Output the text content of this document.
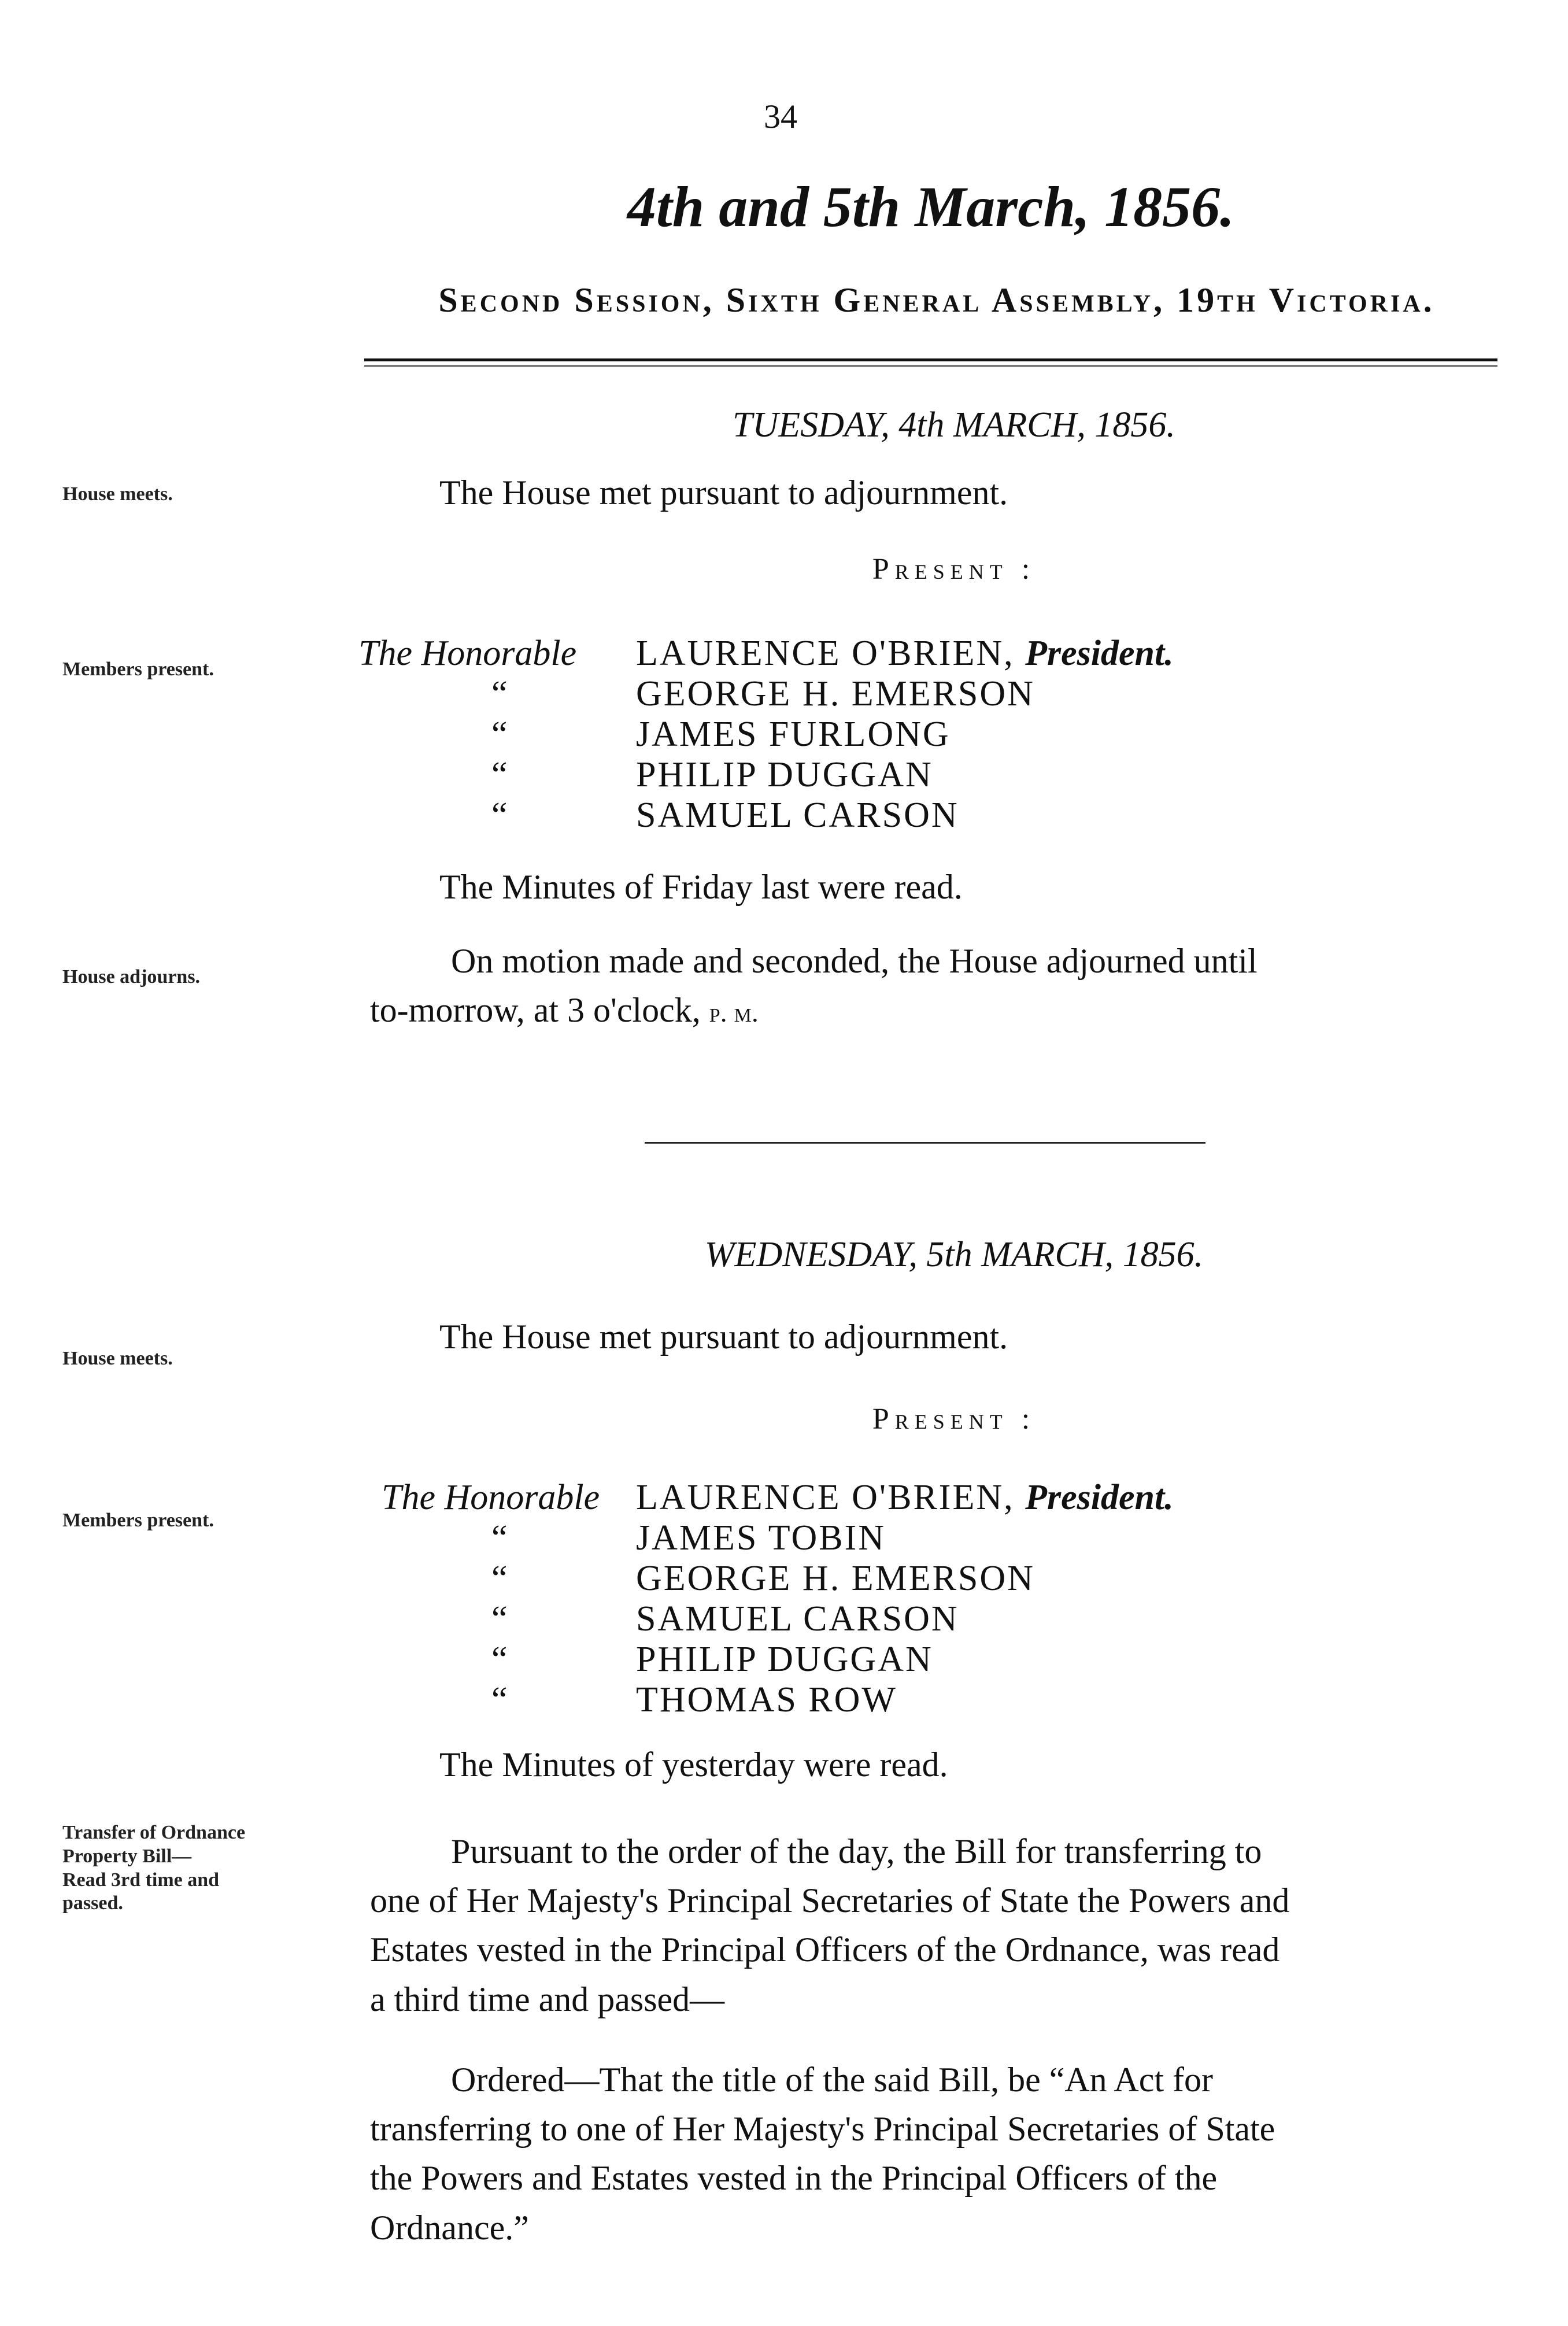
34
4th and 5th March, 1856.
Second Session, Sixth General Assembly, 19th Victoria.
TUESDAY, 4th MARCH, 1856.
House meets.	The House met pursuant to adjournment.
Present :
Members present.	The Honorable LAURENCE O'BRIEN, President.
“	GEORGE H. EMERSON
“	JAMES FURLONG
“	PHILIP DUGGAN
“	SAMUEL CARSON
The Minutes of Friday last were read.
House adjourns.	On motion made and seconded, the House adjourned until
to-morrow, at 3 o'clock, p. m.
WEDNESDAY, 5th MARCH, 1856.
House meets.
The House met pursuant to adjournment.
Present :
Members present.
The Honorable LAURENCE O'BRIEN, President.
“	JAMES TOBIN
“	GEORGE H. EMERSON
“	SAMUEL CARSON
“	PHILIP DUGGAN
“	THOMAS ROW
The Minutes of yesterday were read.
Transfer of Ordnance
Property Bill—
Read 3rd time and
passed.
Pursuant to the order of the day, the Bill for transferring to
one of Her Majesty's Principal Secretaries of State the Powers and
Estates vested in the Principal Officers of the Ordnance, was read
a third time and passed—
Ordered—That the title of the said Bill, be “An Act for
transferring to one of Her Majesty's Principal Secretaries of State
the Powers and Estates vested in the Principal Officers of the
Ordnance.”
